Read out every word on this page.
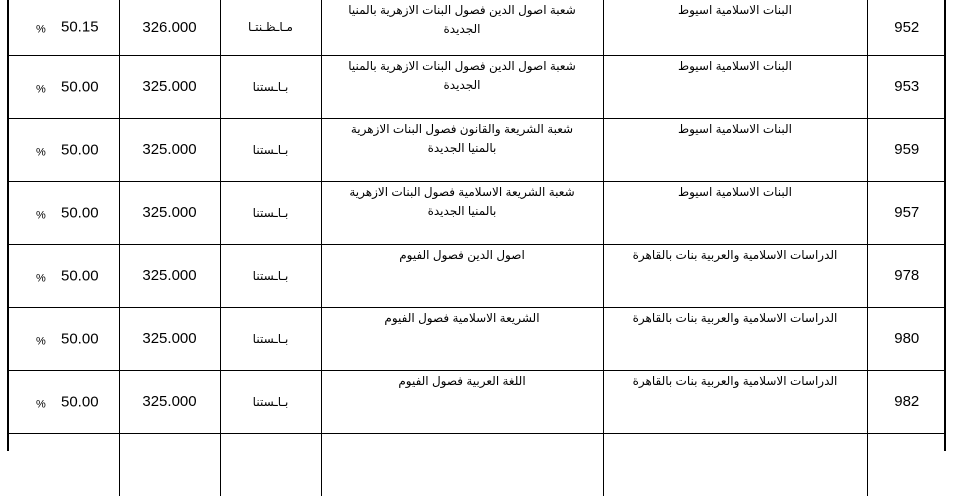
% 50.15	326.000	مـاـظـنتـا	شعبة اصول الدين فصول البنات الازهرية بالمنيا الجديدة	البنات الاسلامية اسيوط	952

% 50.00	325.000	بـاـستنا	شعبة اصول الدين فصول البنات الازهرية بالمنيا الجديدة	البنات الاسلامية اسيوط	953

% 50.00	325.000	بـاـستنا	شعبة الشريعة والقانون فصول البنات الازهرية بالمنيا الجديدة	البنات الاسلامية اسيوط	959

% 50.00	325.000	بـاـستنا	شعبة الشريعة الاسلامية فصول البنات الازهرية بالمنيا الجديدة	البنات الاسلامية اسيوط	957

% 50.00	325.000	بـاـستنا	اصول الدين فصول الفيوم	الدراسات الاسلامية والعربية بنات بالقاهرة	978

% 50.00	325.000	بـاـستنا	الشريعة الاسلامية فصول الفيوم	الدراسات الاسلامية والعربية بنات بالقاهرة	980

% 50.00	325.000	بـاـستنا	اللغة العربية فصول الفيوم	الدراسات الاسلامية والعربية بنات بالقاهرة	982
